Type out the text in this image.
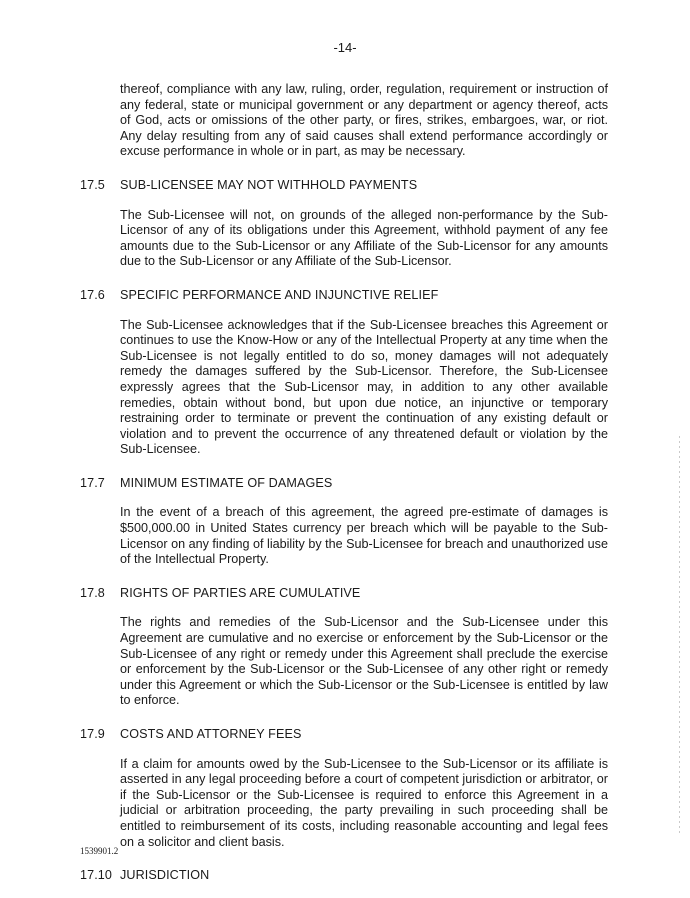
-14-

thereof, compliance with any law, ruling, order, regulation, requirement or instruction of any federal, state or municipal government or any department or agency thereof, acts of God, acts or omissions of the other party, or fires, strikes, embargoes, war, or riot. Any delay resulting from any of said causes shall extend performance accordingly or excuse performance in whole or in part, as may be necessary.

17.5	SUB-LICENSEE MAY NOT WITHHOLD PAYMENTS

The Sub-Licensee will not, on grounds of the alleged non-performance by the Sub-Licensor of any of its obligations under this Agreement, withhold payment of any fee amounts due to the Sub-Licensor or any Affiliate of the Sub-Licensor for any amounts due to the Sub-Licensor or any Affiliate of the Sub-Licensor.

17.6	SPECIFIC PERFORMANCE AND INJUNCTIVE RELIEF

The Sub-Licensee acknowledges that if the Sub-Licensee breaches this Agreement or continues to use the Know-How or any of the Intellectual Property at any time when the Sub-Licensee is not legally entitled to do so, money damages will not adequately remedy the damages suffered by the Sub-Licensor. Therefore, the Sub-Licensee expressly agrees that the Sub-Licensor may, in addition to any other available remedies, obtain without bond, but upon due notice, an injunctive or temporary restraining order to terminate or prevent the continuation of any existing default or violation and to prevent the occurrence of any threatened default or violation by the Sub-Licensee.

17.7	MINIMUM ESTIMATE OF DAMAGES

In the event of a breach of this agreement, the agreed pre-estimate of damages is $500,000.00 in United States currency per breach which will be payable to the Sub-Licensor on any finding of liability by the Sub-Licensee for breach and unauthorized use of the Intellectual Property.

17.8	RIGHTS OF PARTIES ARE CUMULATIVE

The rights and remedies of the Sub-Licensor and the Sub-Licensee under this Agreement are cumulative and no exercise or enforcement by the Sub-Licensor or the Sub-Licensee of any right or remedy under this Agreement shall preclude the exercise or enforcement by the Sub-Licensor or the Sub-Licensee of any other right or remedy under this Agreement or which the Sub-Licensor or the Sub-Licensee is entitled by law to enforce.

17.9	COSTS AND ATTORNEY FEES

If a claim for amounts owed by the Sub-Licensee to the Sub-Licensor or its affiliate is asserted in any legal proceeding before a court of competent jurisdiction or arbitrator, or if the Sub-Licensor or the Sub-Licensee is required to enforce this Agreement in a judicial or arbitration proceeding, the party prevailing in such proceeding shall be entitled to reimbursement of its costs, including reasonable accounting and legal fees on a solicitor and client basis.

17.10 JURISDICTION
1539901.2
